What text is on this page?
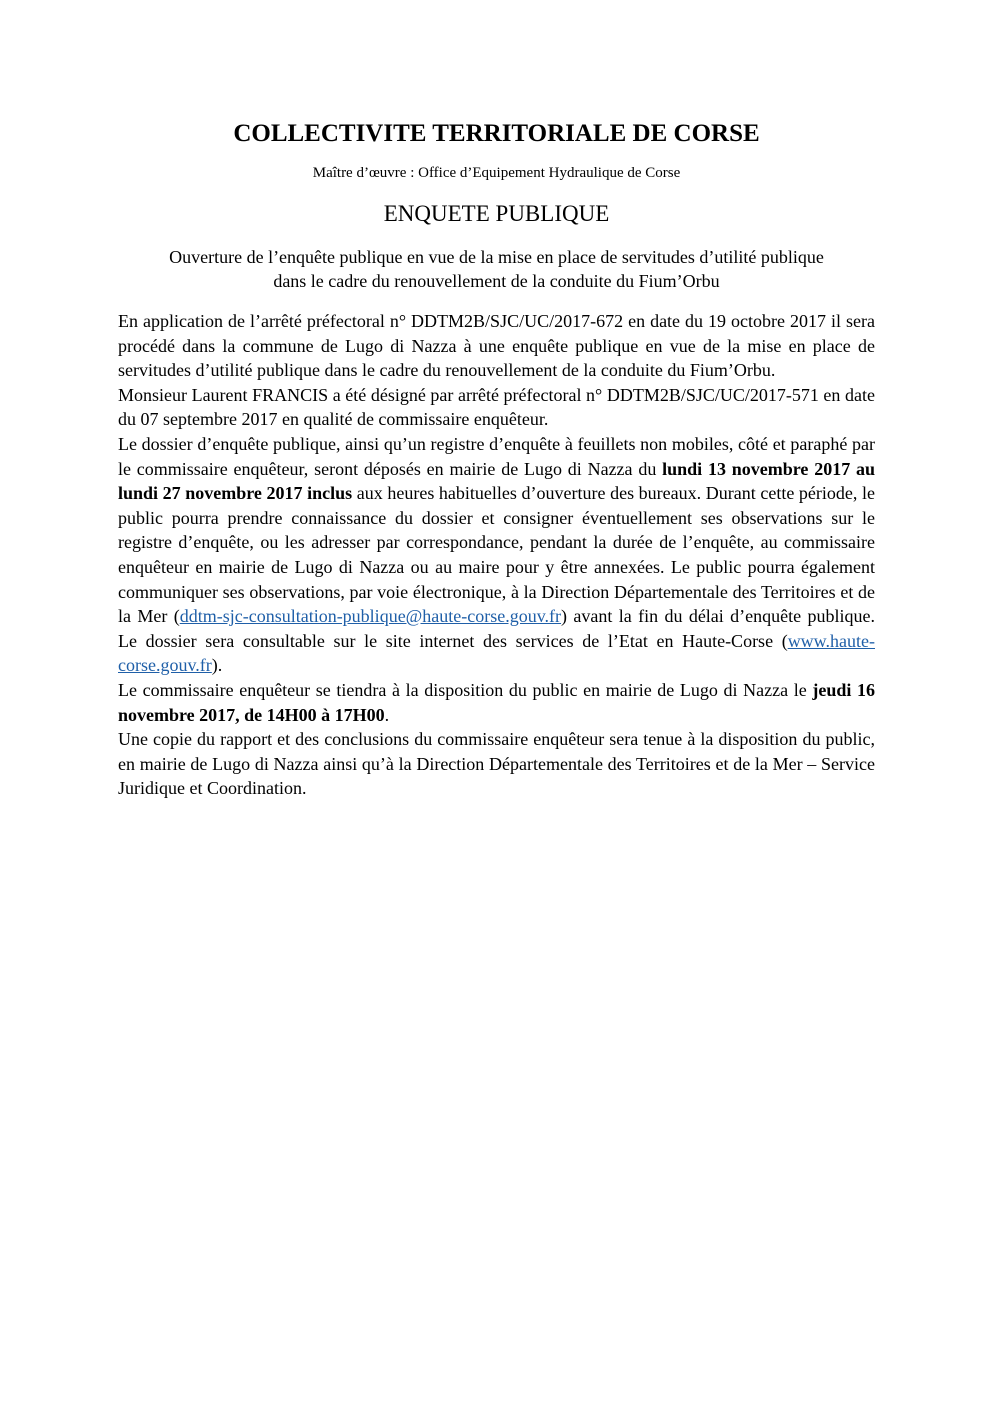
COLLECTIVITE TERRITORIALE DE CORSE
Maître d’œuvre : Office d’Equipement Hydraulique de Corse
ENQUETE PUBLIQUE
Ouverture de l’enquête publique en vue de la mise en place de servitudes d’utilité publique
dans le cadre du renouvellement de la conduite du Fium’Orbu

En application de l’arrêté préfectoral n° DDTM2B/SJC/UC/2017-672 en date du 19 octobre 2017 il sera procédé dans la commune de Lugo di Nazza à une enquête publique en vue de la mise en place de servitudes d’utilité publique dans le cadre du renouvellement de la conduite du Fium’Orbu.

Monsieur Laurent FRANCIS a été désigné par arrêté préfectoral n° DDTM2B/SJC/UC/2017-571 en date du 07 septembre 2017 en qualité de commissaire enquêteur.

Le dossier d’enquête publique, ainsi qu’un registre d’enquête à feuillets non mobiles, côté et paraphé par le commissaire enquêteur, seront déposés en mairie de Lugo di Nazza du lundi 13 novembre 2017 au lundi 27 novembre 2017 inclus aux heures habituelles d’ouverture des bureaux. Durant cette période, le public pourra prendre connaissance du dossier et consigner éventuellement ses observations sur le registre d’enquête, ou les adresser par correspondance, pendant la durée de l’enquête, au commissaire enquêteur en mairie de Lugo di Nazza ou au maire pour y être annexées. Le public pourra également communiquer ses observations, par voie électronique, à la Direction Départementale des Territoires et de la Mer (ddtm-sjc-consultation-publique@haute-corse.gouv.fr) avant la fin du délai d’enquête publique. Le dossier sera consultable sur le site internet des services de l’Etat en Haute-Corse (www.haute-corse.gouv.fr).

Le commissaire enquêteur se tiendra à la disposition du public en mairie de Lugo di Nazza le jeudi 16 novembre 2017, de 14H00 à 17H00.

Une copie du rapport et des conclusions du commissaire enquêteur sera tenue à la disposition du public, en mairie de Lugo di Nazza ainsi qu’à la Direction Départementale des Territoires et de la Mer – Service Juridique et Coordination.
